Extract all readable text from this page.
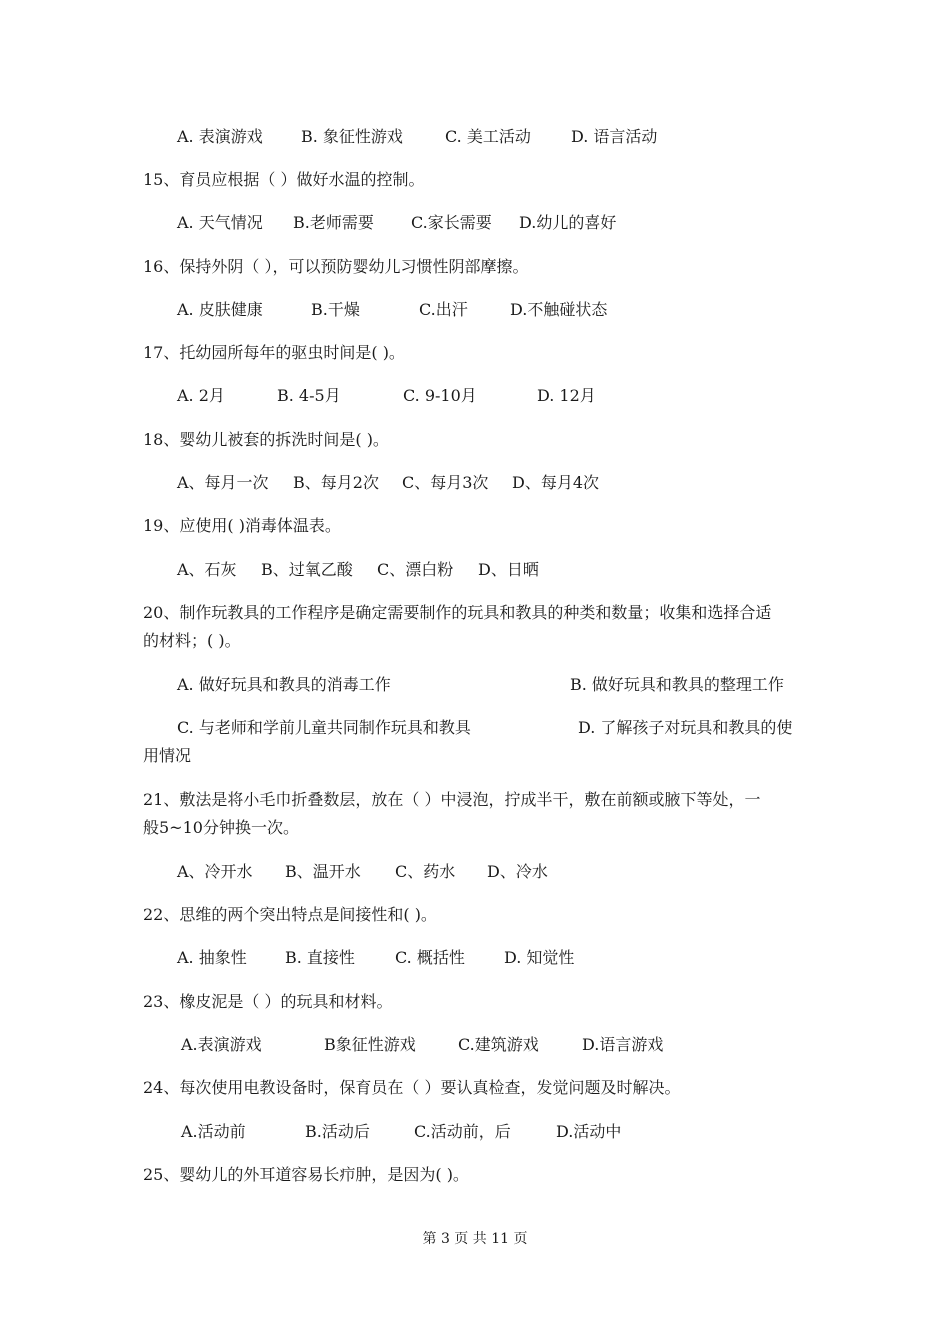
A. 表演游戏 B. 象征性游戏	C. 美工活动	D. 语言活动
15、育员应根据（ ）做好水温的控制。
A. 天气情况 B.老师需要 C.家长需要 D.幼儿的喜好
16、保持外阴（ ），可以预防婴幼儿习惯性阴部摩擦。
A. 皮肤健康	B.干燥	C.出汗	D.不触碰状态
17、托幼园所每年的驱虫时间是( )。
A. 2月	B. 4-5月	C. 9-10月	D. 12月
18、婴幼儿被套的拆洗时间是( )。
A、每月一次 B、每月2次 C、每月3次 D、每月4次
19、应使用( )消毒体温表。
A、石灰 B、过氧乙酸 C、漂白粉 D、日晒
20、制作玩教具的工作程序是确定需要制作的玩具和教具的种类和数量；收集和选择合适
的材料；( )。
A. 做好玩具和教具的消毒工作	B. 做好玩具和教具的整理工作
C. 与老师和学前儿童共同制作玩具和教具	D. 了解孩子对玩具和教具的使
用情况
21、敷法是将小毛巾折叠数层，放在（ ）中浸泡，拧成半干，敷在前额或腋下等处，一
般5~10分钟换一次。
A、冷开水 B、温开水 C、药水 D、冷水
22、思维的两个突出特点是间接性和( )。
A. 抽象性 B. 直接性	C. 概括性 D. 知觉性
23、橡皮泥是（ ）的玩具和材料。
A.表演游戏	B象征性游戏	C.建筑游戏	D.语言游戏
24、每次使用电教设备时，保育员在（ ）要认真检查，发觉问题及时解决。
A.活动前	B.活动后	C.活动前，后	D.活动中
25、婴幼儿的外耳道容易长疖肿，是因为( )。
第 3 页 共 11 页
